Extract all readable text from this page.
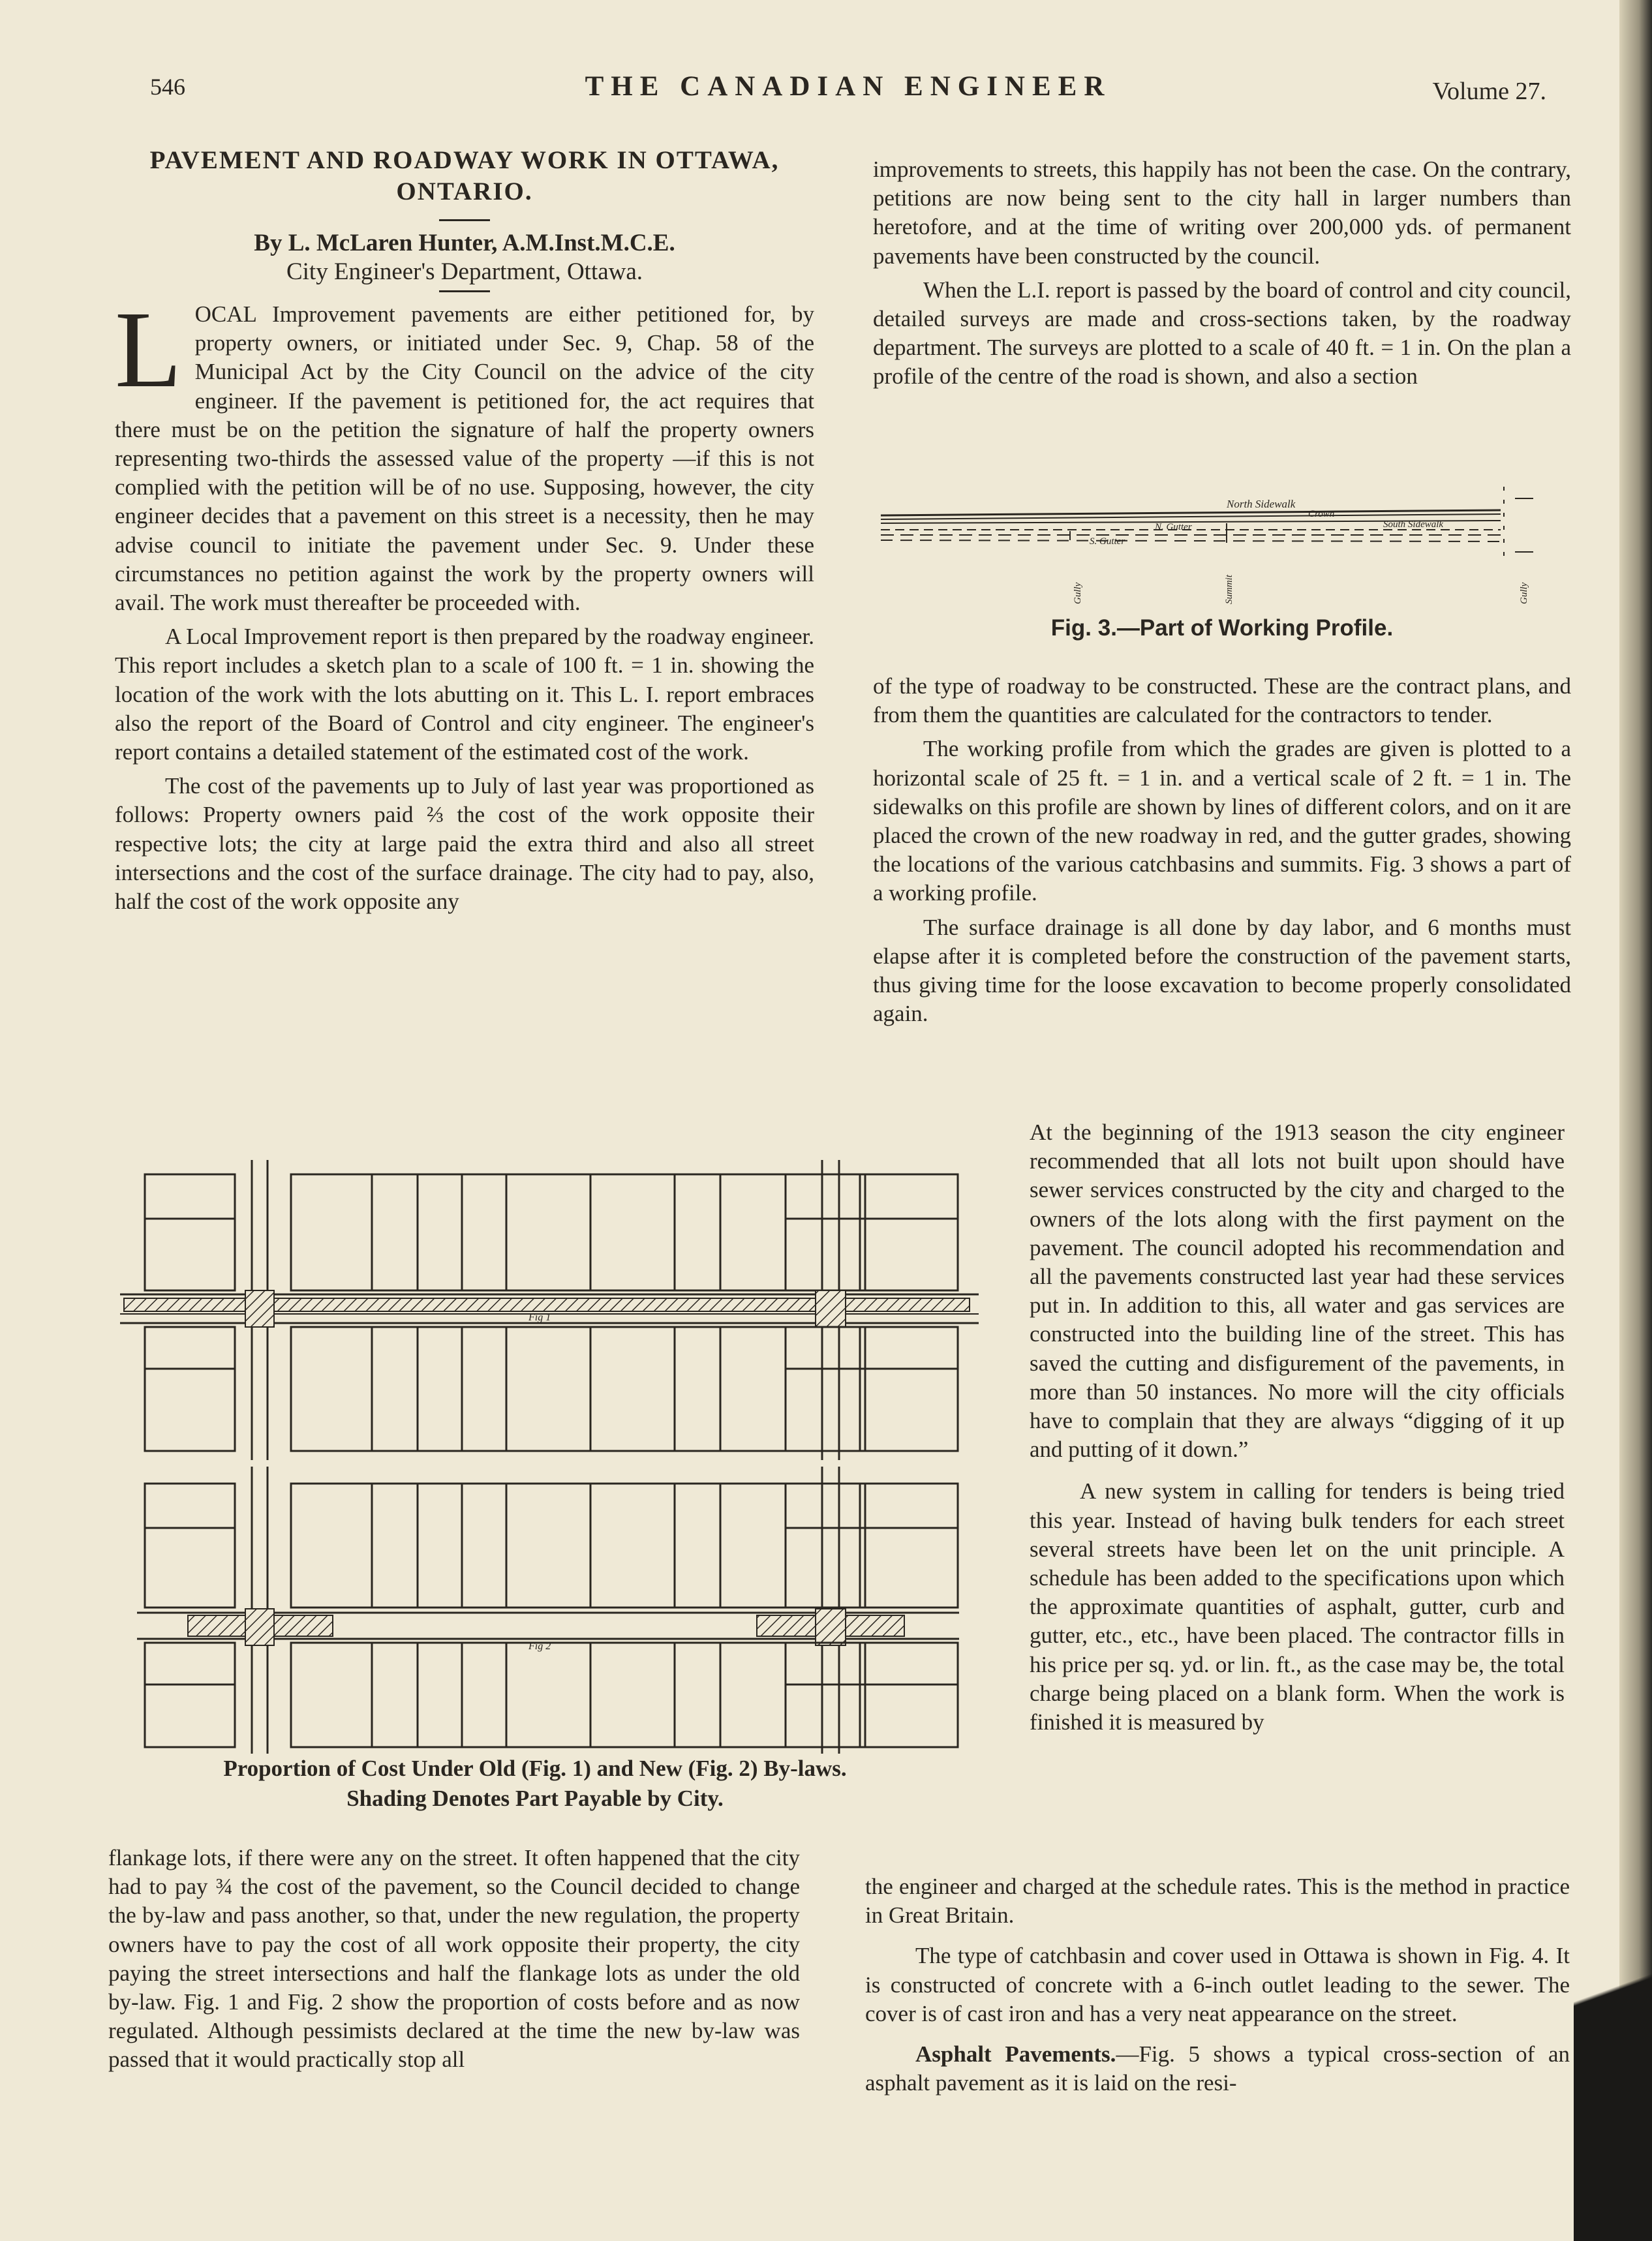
546	THE CANADIAN ENGINEER	Volume 27.
PAVEMENT AND ROADWAY WORK IN OTTAWA,
ONTARIO.
By L. McLaren Hunter, A.M.Inst.M.C.E.
City Engineer's Department, Ottawa.

LOCAL Improvement pavements are either petitioned for, by property owners, or initiated under Sec. 9, Chap. 58 of the Municipal Act by the City Council on the advice of the city engineer. If the pavement is petitioned for, the act requires that there must be on the petition the signature of half the property owners representing two-thirds the assessed value of the property —if this is not complied with the petition will be of no use. Supposing, however, the city engineer decides that a pavement on this street is a necessity, then he may advise council to initiate the pavement under Sec. 9. Under these circumstances no petition against the work by the property owners will avail. The work must thereafter be proceeded with.

A Local Improvement report is then prepared by the roadway engineer. This report includes a sketch plan to a scale of 100 ft. = 1 in. showing the location of the work with the lots abutting on it. This L. I. report embraces also the report of the Board of Control and city engineer. The engineer's report contains a detailed statement of the estimated cost of the work.

The cost of the pavements up to July of last year was proportioned as follows: Property owners paid ⅔ the cost of the work opposite their respective lots; the city at large paid the extra third and also all street intersections and the cost of the surface drainage. The city had to pay, also, half the cost of the work opposite any

Fig 1
Fig 2
Proportion of Cost Under Old (Fig. 1) and New (Fig. 2) By-laws.
Shading Denotes Part Payable by City.

flankage lots, if there were any on the street. It often happened that the city had to pay ¾ the cost of the pavement, so the Council decided to change the by-law and pass another, so that, under the new regulation, the property owners have to pay the cost of all work opposite their property, the city paying the street intersections and half the flankage lots as under the old by-law. Fig. 1 and Fig. 2 show the proportion of costs before and as now regulated. Although pessimists declared at the time the new by-law was passed that it would practically stop all

improvements to streets, this happily has not been the case. On the contrary, petitions are now being sent to the city hall in larger numbers than heretofore, and at the time of writing over 200,000 yds. of permanent pavements have been constructed by the council.

When the L.I. report is passed by the board of control and city council, detailed surveys are made and cross-sections taken, by the roadway department. The surveys are plotted to a scale of 40 ft. = 1 in. On the plan a profile of the centre of the road is shown, and also a section

North Sidewalk
Crown
South Sidewalk
N. Gutter
S. Gutter
Gully	Summit	Gully
Fig. 3.—Part of Working Profile.

of the type of roadway to be constructed. These are the contract plans, and from them the quantities are calculated for the contractors to tender.

The working profile from which the grades are given is plotted to a horizontal scale of 25 ft. = 1 in. and a vertical scale of 2 ft. = 1 in. The sidewalks on this profile are shown by lines of different colors, and on it are placed the crown of the new roadway in red, and the gutter grades, showing the locations of the various catchbasins and summits. Fig. 3 shows a part of a working profile.

The surface drainage is all done by day labor, and 6 months must elapse after it is completed before the construction of the pavement starts, thus giving time for the loose excavation to become properly consolidated again.

At the beginning of the 1913 season the city engineer recommended that all lots not built upon should have sewer services constructed by the city and charged to the owners of the lots along with the first payment on the pavement. The council adopted his recommendation and all the pavements constructed last year had these services put in. In addition to this, all water and gas services are constructed into the building line of the street. This has saved the cutting and disfigurement of the pavements, in more than 50 instances. No more will the city officials have to complain that they are always “digging of it up and putting of it down.”

A new system in calling for tenders is being tried this year. Instead of having bulk tenders for each street several streets have been let on the unit principle. A schedule has been added to the specifications upon which the approximate quantities of asphalt, gutter, curb and gutter, etc., etc., have been placed. The contractor fills in his price per sq. yd. or lin. ft., as the case may be, the total charge being placed on a blank form. When the work is finished it is measured by

the engineer and charged at the schedule rates. This is the method in practice in Great Britain.

The type of catchbasin and cover used in Ottawa is shown in Fig. 4. It is constructed of concrete with a 6-inch outlet leading to the sewer. The cover is of cast iron and has a very neat appearance on the street.

Asphalt Pavements.—Fig. 5 shows a typical cross-section of an asphalt pavement as it is laid on the resi-
